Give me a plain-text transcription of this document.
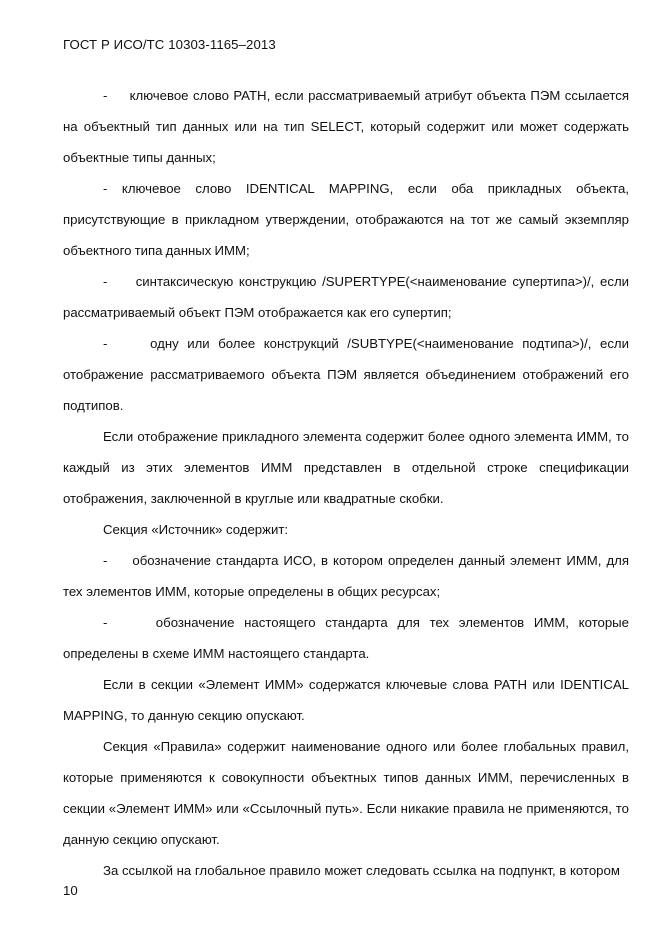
ГОСТ Р ИСО/ТС 10303-1165–2013

-     ключевое слово PATH, если рассматриваемый атрибут объекта ПЭМ ссылается на объектный тип данных или на тип SELECT, который содержит или может содержать объектные типы данных;

- ключевое слово IDENTICAL MAPPING, если оба прикладных объекта, присутствующие в прикладном утверждении, отображаются на тот же самый экземпляр объектного типа данных ИММ;

-     синтаксическую конструкцию /SUPERTYPE(<наименование супертипа>)/, если рассматриваемый объект ПЭМ отображается как его супертип;

-     одну или более конструкций /SUBTYPE(<наименование подтипа>)/, если отображение рассматриваемого объекта ПЭМ является объединением отображений его подтипов.

Если отображение прикладного элемента содержит более одного элемента ИММ, то каждый из этих элементов ИММ представлен в отдельной строке спецификации отображения, заключенной в круглые или квадратные скобки.

Секция «Источник» содержит:

-     обозначение стандарта ИСО, в котором определен данный элемент ИММ, для тех элементов ИММ, которые определены в общих ресурсах;

-     обозначение настоящего стандарта для тех элементов ИММ, которые определены в схеме ИММ настоящего стандарта.

Если в секции «Элемент ИММ» содержатся ключевые слова PATH или IDENTICAL MAPPING, то данную секцию опускают.

Секция «Правила» содержит наименование одного или более глобальных правил, которые применяются к совокупности объектных типов данных ИММ, перечисленных в секции «Элемент ИММ» или «Ссылочный путь». Если никакие правила не применяются, то данную секцию опускают.

За ссылкой на глобальное правило может следовать ссылка на подпункт, в котором

10
